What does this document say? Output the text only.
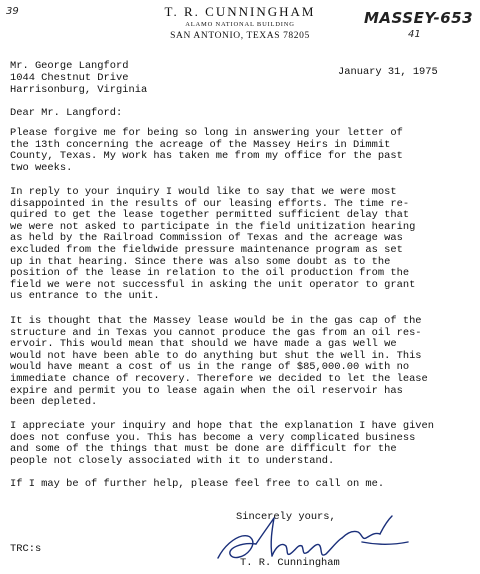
39	MASSEY-653
41
T. R. CUNNINGHAM
ALAMO NATIONAL BUILDING
SAN ANTONIO, TEXAS 78205
Mr. George Langford
1044 Chestnut Drive
Harrisonburg, Virginia
January 31, 1975
Dear Mr. Langford:

Please forgive me for being so long in answering your letter of
the 13th concerning the acreage of the Massey Heirs in Dimmit
County, Texas. My work has taken me from my office for the past
two weeks.

In reply to your inquiry I would like to say that we were most
disappointed in the results of our leasing efforts. The time re-
quired to get the lease together permitted sufficient delay that
we were not asked to participate in the field unitization hearing
as held by the Railroad Commission of Texas and the acreage was
excluded from the fieldwide pressure maintenance program as set
up in that hearing. Since there was also some doubt as to the
position of the lease in relation to the oil production from the
field we were not successful in asking the unit operator to grant
us entrance to the unit.

It is thought that the Massey lease would be in the gas cap of the
structure and in Texas you cannot produce the gas from an oil res-
ervoir. This would mean that should we have made a gas well we
would not have been able to do anything but shut the well in. This
would have meant a cost of us in the range of $85,000.00 with no
immediate chance of recovery. Therefore we decided to let the lease
expire and permit you to lease again when the oil reservoir has
been depleted.

I appreciate your inquiry and hope that the explanation I have given
does not confuse you. This has become a very complicated business
and some of the things that must be done are difficult for the
people not closely associated with it to understand.

If I may be of further help, please feel free to call on me.

Sincerely yours,
T. R. Cunningham
TRC:s
